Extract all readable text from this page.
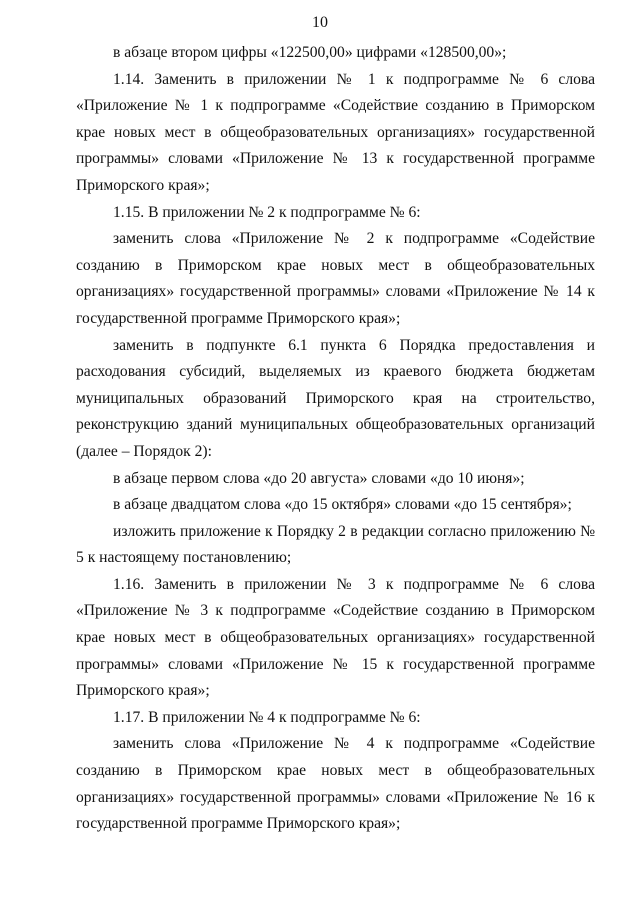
10

в абзаце втором цифры «122500,00» цифрами «128500,00»;

1.14. Заменить в приложении № 1 к подпрограмме № 6 слова «Приложение № 1 к подпрограмме «Содействие созданию в Приморском крае новых мест в общеобразовательных организациях» государственной программы» словами «Приложение № 13 к государственной программе Приморского края»;

1.15. В приложении № 2 к подпрограмме № 6:

заменить слова «Приложение № 2 к подпрограмме «Содействие созданию в Приморском крае новых мест в общеобразовательных организациях» государственной программы» словами «Приложение № 14 к государственной программе Приморского края»;

заменить в подпункте 6.1 пункта 6 Порядка предоставления и расходования субсидий, выделяемых из краевого бюджета бюджетам муниципальных образований Приморского края на строительство, реконструкцию зданий муниципальных общеобразовательных организаций (далее – Порядок 2):

в абзаце первом слова «до 20 августа» словами «до 10 июня»;

в абзаце двадцатом слова «до 15 октября» словами «до 15 сентября»;

изложить приложение к Порядку 2 в редакции согласно приложению № 5 к настоящему постановлению;

1.16. Заменить в приложении № 3 к подпрограмме № 6 слова «Приложение № 3 к подпрограмме «Содействие созданию в Приморском крае новых мест в общеобразовательных организациях» государственной программы» словами «Приложение № 15 к государственной программе Приморского края»;

1.17. В приложении № 4 к подпрограмме № 6:

заменить слова «Приложение № 4 к подпрограмме «Содействие созданию в Приморском крае новых мест в общеобразовательных организациях» государственной программы» словами «Приложение № 16 к государственной программе Приморского края»;
